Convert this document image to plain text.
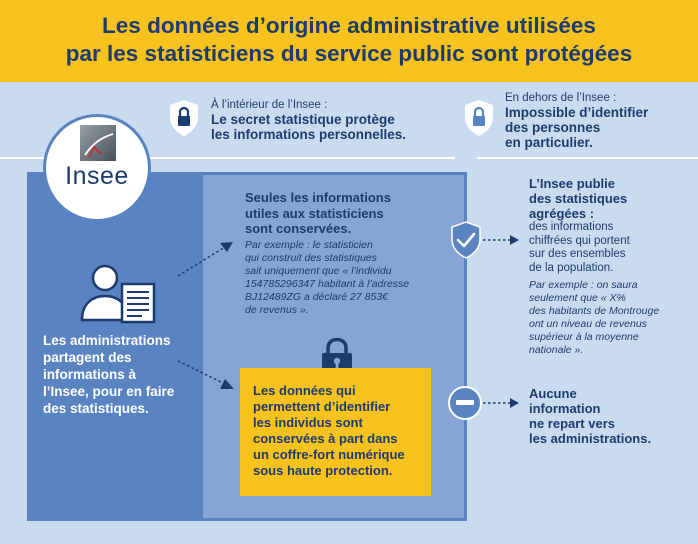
Les données d’origine administrative utilisées
par les statisticiens du service public sont protégées
À l’intérieur de l’Insee :
Le secret statistique protège
les informations personnelles.
En dehors de l’Insee :
Impossible d’identifier
des personnes
en particulier.
Insee
Les administrations
partagent des
informations à
l’Insee, pour en faire
des statistiques.
Seules les informations
utiles aux statisticiens
sont conservées.
Par exemple : le statisticien
qui construit des statistiques
sait uniquement que « l’individu
154785296347 habitant à l’adresse
BJ12489ZG a déclaré 27 853€
de revenus ».
Les données qui
permettent d’identifier
les individus sont
conservées à part dans
un coffre-fort numérique
sous haute protection.
L’Insee publie
des statistiques
agrégées :
des informations
chiffrées qui portent
sur des ensembles
de la population.
Par exemple : on saura
seulement que « X%
des habitants de Montrouge
ont un niveau de revenus
supérieur à la moyenne
nationale ».
Aucune
information
ne repart vers
les administrations.
